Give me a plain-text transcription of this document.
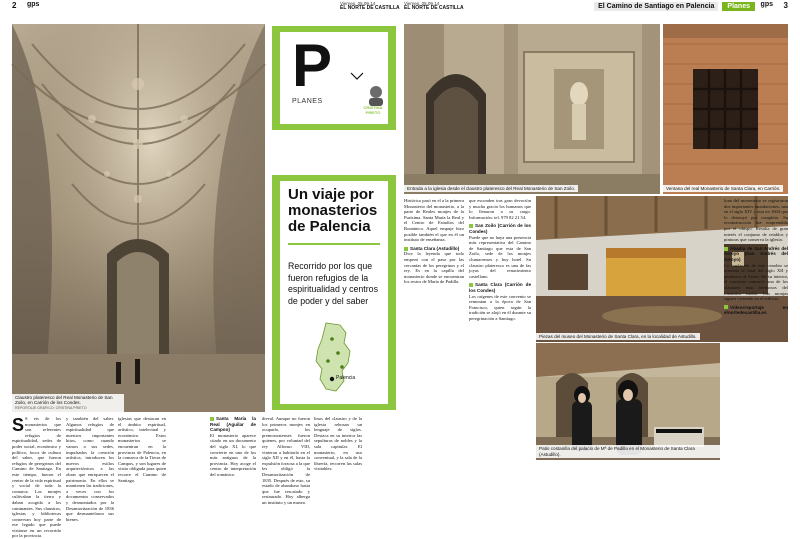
2 gps	Viernes, 05.09.14
EL NORTE DE CASTILLA
Viernes, 05.09.14
EL NORTE DE CASTILLA	El Camino de Santiago en Palencia	Planes	gps 3
Claustro plateresco del Real Monasterio de San Zoilo, en Carrión de los Condes.
REPORTAJE GRÁFICO: CRISTINA PRIETO
P
PLANES
CRISTINA PRIETO
Un viaje por monasterios de Palencia
Recorrido por los que fueron refugios de la espiritualidad y centros de poder y del saber
Palencia
Entrada a la iglesia desde el claustro plateresco del Real Monasterio de San Zoilo.	Ventana del real Monasterio de Santa Clara, en Carrión.
Piezas del museo del Monasterio de Santa Clara, en la localidad de Astudillo.
Patio costanilla del palacio de Mª de Padilla en el Monasterio de Santa Clara (Astudillo).
S S eis de los monasterios que son referentes refugios de espiritualidad, sedes de poder social, económico y político, focos de cultura del saber, que fueron refugios de peregrinos del Camino de Santiago. En este tiempo, fueron el centro de la vida espiritual y social de toda la comarca. Los monjes cultivaban la tierra y daban acogida a los caminantes. Sus claustros, iglesias y bibliotecas conservan hoy parte de ese legado que puede visitarse en un recorrido por la provincia.

y también del saber. Algunos refugios de espiritualidad que nuestros importantes hitos, como cuando vamos a sus sedes, impulsados la creación artística, introducen los nuevos estilos arquitectónicos a las obras que enriquecen el patrimonio. En ellos se mantienen las tradiciones, a veces con los documentos conservados y desmontados por la Desamortización de 1836 que desmantelaron sus bienes.

iglesias que destacan en el ámbito espiritual, artístico, intelectual y económico. Estos monasterios se encuentran en la provincia de Palencia, en la comarca de la Tierra de Campos, y son lugares de visita obligada para quien recorre el Camino de Santiago.

Santa María la Real (Aguilar de Campoo)

El monasterio aparece citado en un documento del siglo XI, lo que convierte en uno de los más antiguos de la provincia. Hoy acoge el centro de interpretación del románico.

dieval. Aunque no fueron los primeros monjes en ocuparlo, los premostratenses fueron quienes, por voluntad del rey Alfonso VIII, vinieron a habitarlo en el siglo XII y en él, hasta la expulsión forzosa a la que les obligó la Desamortización de 1835. Después de esto, su estado de abandono hasta que fue rescatado y restaurado. Hoy alberga un instituto y un museo.

linos del claustro y de la iglesia rebosan un lenguaje de siglos. Destaca en su interior las sepulturas de nobles y la sala capitular. El monasterio, en uso conventual, y la sala de la librería, recorren las salas visitables.

Histórico pasó en el a la primera Monasterio del monasterio, a la parte de Reales monjes de la Purísima. Santa María la Real y el Centro de Estudios del Románico. Aquel empuje hizo posible también el que en él un instituto de enseñanza.

Santa Clara (Astudillo)

Dice la leyenda que todo empezó con el paso por las cercanías de los peregrinos y el rey. Es en la capilla del monasterio donde se encuentran los restos de María de Padilla.

que esconden tras gran devoción y mucha gracia los humanos que lo llenaron a su cargo. Información: tel. 979 82 21 54.

San Zoilo (Carrión de los Condes)

Puede que no haya una presencia más representativa del Camino de Santiago que esta de San Zoilo, sede de los monjes cluniacenses y hoy hotel. Su claustro plateresco es una de las joyas del renacimiento castellano.

Santa Clara (Carrión de los Condes)

Los orígenes de este convento se remontan a la época de San Francisco, quien según la tradición se alojó en él durante su peregrinación a Santiago.

lona del monasterio se registraron dos importantes inundaciones, una en el siglo XIV y otra en 1604 que lo destruyó por completo. Su reconstrucción fue emprendida por el obispo. Resulta de gran interés el conjunto de retablos y pinturas que conserva la iglesia.

Abadía de San Andrés del Arroyo (San Andrés del Arroyo)

La fundación de este cenobio se remonta al final del siglo XII y pertenece al Cister. En su interior, el convento conserva uno de los claustros más hermosos del románico tardío. Las monjas siguen viviendo en el edificio.

Vídeorreportaje en elnortedecastilla.es
